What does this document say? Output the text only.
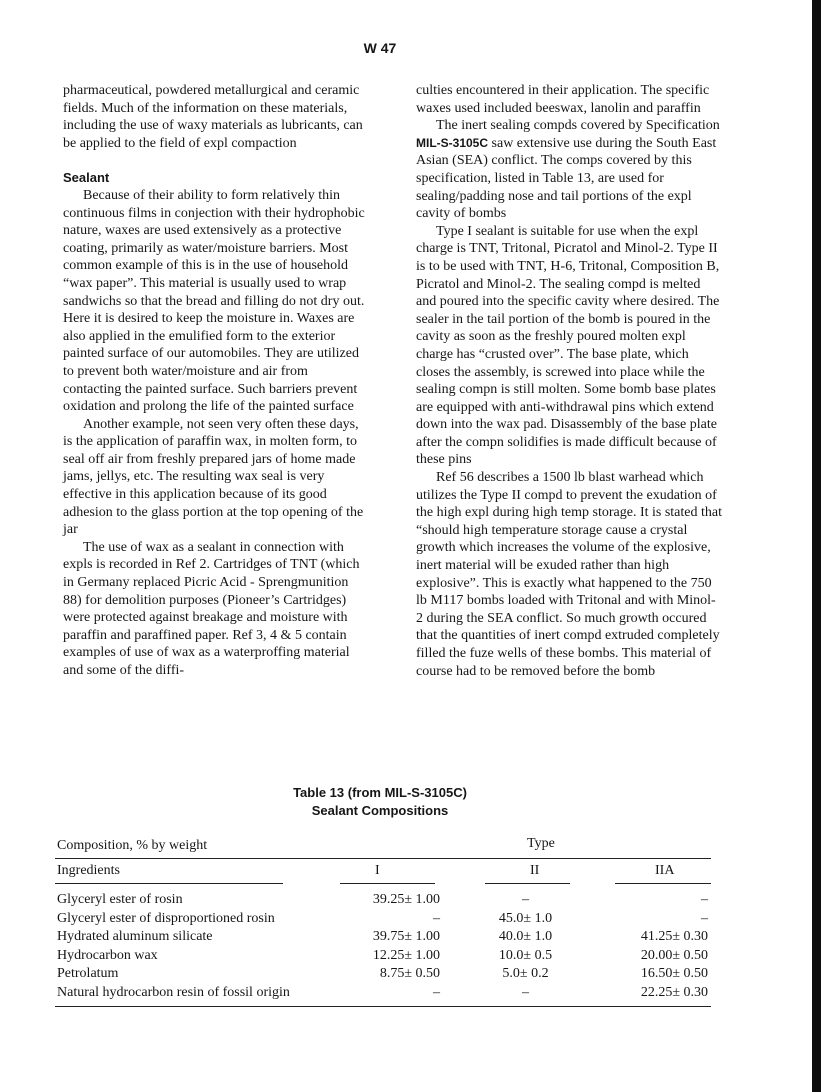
W 47

pharmaceutical, powdered metallurgical and ceramic fields. Much of the information on these materials, including the use of waxy materials as lubricants, can be applied to the field of expl compaction

Sealant

Because of their ability to form relatively thin continuous films in conjection with their hydrophobic nature, waxes are used extensively as a protective coating, primarily as water/moisture barriers. Most common example of this is in the use of household “wax paper”. This material is usually used to wrap sandwichs so that the bread and filling do not dry out. Here it is desired to keep the moisture in. Waxes are also applied in the emulified form to the exterior painted surface of our automobiles. They are utilized to prevent both water/moisture and air from contacting the painted surface. Such barriers prevent oxidation and prolong the life of the painted surface

Another example, not seen very often these days, is the application of paraffin wax, in molten form, to seal off air from freshly prepared jars of home made jams, jellys, etc. The resulting wax seal is very effective in this application because of its good adhesion to the glass portion at the top opening of the jar

The use of wax as a sealant in connection with expls is recorded in Ref 2. Cartridges of TNT (which in Germany replaced Picric Acid - Sprengmunition 88) for demolition purposes (Pioneer’s Cartridges) were protected against breakage and moisture with paraffin and paraffined paper. Ref 3, 4 & 5 contain examples of use of wax as a waterproffing material and some of the diffi-

culties encountered in their application. The specific waxes used included beeswax, lanolin and paraffin

The inert sealing compds covered by Specification MIL-S-3105C saw extensive use during the South East Asian (SEA) conflict. The comps covered by this specification, listed in Table 13, are used for sealing/padding nose and tail portions of the expl cavity of bombs

Type I sealant is suitable for use when the expl charge is TNT, Tritonal, Picratol and Minol-2. Type II is to be used with TNT, H-6, Tritonal, Composition B, Picratol and Minol-2. The sealing compd is melted and poured into the specific cavity where desired. The sealer in the tail portion of the bomb is poured in the cavity as soon as the freshly poured molten expl charge has “crusted over”. The base plate, which closes the assembly, is screwed into place while the sealing compn is still molten. Some bomb base plates are equipped with anti-withdrawal pins which extend down into the wax pad. Disassembly of the base plate after the compn solidifies is made difficult because of these pins

Ref 56 describes a 1500 lb blast warhead which utilizes the Type II compd to prevent the exudation of the high expl during high temp storage. It is stated that “should high temperature storage cause a crystal growth which increases the volume of the explosive, inert material will be exuded rather than high explosive”. This is exactly what happened to the 750 lb M117 bombs loaded with Tritonal and with Minol-2 during the SEA conflict. So much growth occured that the quantities of inert compd extruded completely filled the fuze wells of these bombs. This material of course had to be removed before the bomb

Table 13 (from MIL-S-3105C)
Sealant Compositions
Composition, % by weight	Type
Ingredients	I	II	IIA
Glyceryl ester of rosin	39.25± 1.00	–	–
Glyceryl ester of disproportioned rosin	–	45.0± 1.0	–
Hydrated aluminum silicate	39.75± 1.00	40.0± 1.0	41.25± 0.30
Hydrocarbon wax	12.25± 1.00	10.0± 0.5	20.00± 0.50
Petrolatum	8.75± 0.50	5.0± 0.2	16.50± 0.50
Natural hydrocarbon resin of fossil origin	–	–	22.25± 0.30
